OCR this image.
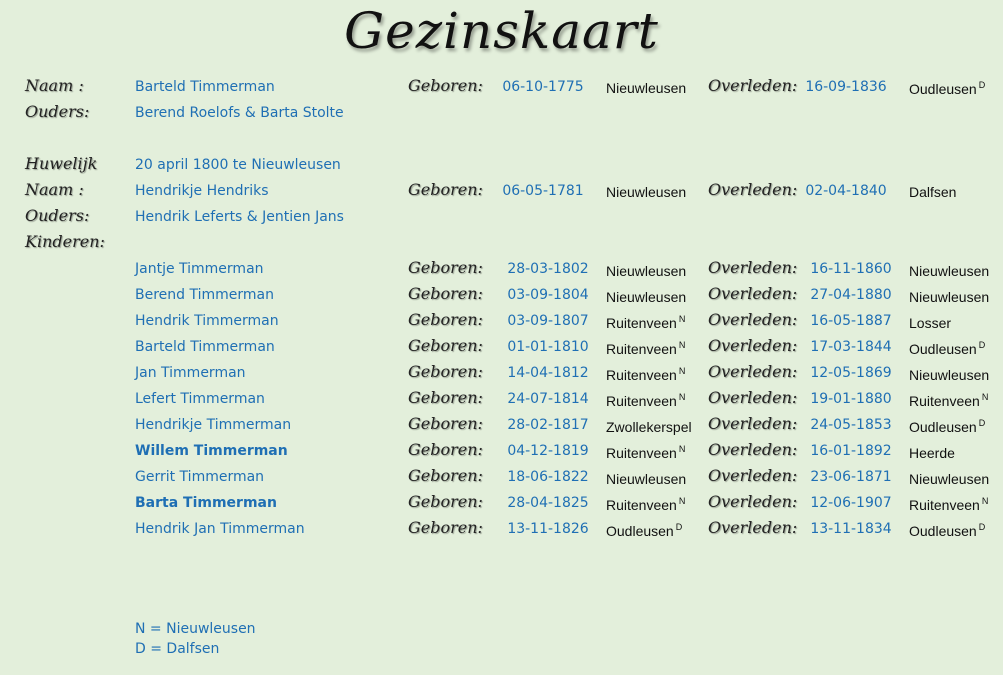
Gezinskaart
Naam :	Barteld Timmerman	Geboren:	06-10-1775	Nieuwleusen Overleden: 16-09-1836	Oudleusen $^D$
Ouders:	Berend Roelofs & Barta Stolte
Huwelijk	20 april 1800 te Nieuwleusen
Naam :	Hendrikje Hendriks	Geboren:	06-05-1781	Nieuwleusen Overleden: 02-04-1840	Dalfsen
Ouders:	Hendrik Leferts & Jentien Jans
Kinderen:
Jantje Timmerman	Geboren:	28-03-1802	Nieuwleusen Overleden: 16-11-1860	Nieuwleusen
Berend Timmerman	Geboren:	03-09-1804	Nieuwleusen Overleden: 27-04-1880	Nieuwleusen
Hendrik Timmerman	Geboren:	03-09-1807	Ruitenveen $^N$ Overleden: 16-05-1887	Losser
Barteld Timmerman	Geboren:	01-01-1810	Ruitenveen $^N$ Overleden: 17-03-1844	Oudleusen $^D$
Jan Timmerman	Geboren:	14-04-1812	Ruitenveen $^N$ Overleden: 12-05-1869	Nieuwleusen
Lefert Timmerman	Geboren:	24-07-1814	Ruitenveen $^N$ Overleden: 19-01-1880	Ruitenveen $^N$
Hendrikje Timmerman	Geboren:	28-02-1817	Zwollekerspel Overleden: 24-05-1853	Oudleusen $^D$
Willem Timmerman	Geboren:	04-12-1819	Ruitenveen $^N$ Overleden: 16-01-1892	Heerde
Gerrit Timmerman	Geboren:	18-06-1822	Nieuwleusen Overleden: 23-06-1871	Nieuwleusen
Barta Timmerman	Geboren:	28-04-1825	Ruitenveen $^N$ Overleden: 12-06-1907	Ruitenveen $^N$
Hendrik Jan Timmerman	Geboren:	13-11-1826	Oudleusen $^D$ Overleden: 13-11-1834	Oudleusen $^D$
N = Nieuwleusen
D = Dalfsen
